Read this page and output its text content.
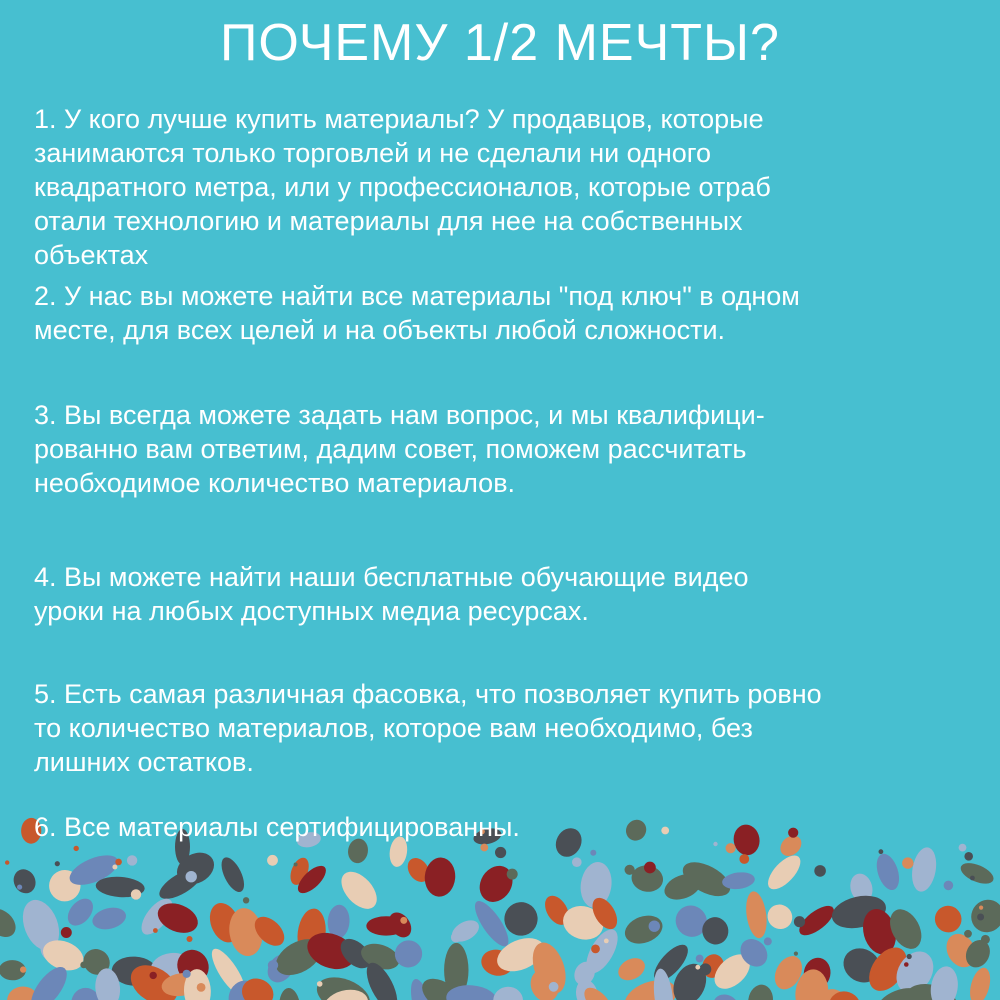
ПОЧЕМУ 1/2 МЕЧТЫ?

1. У кого лучше купить материалы? У продавцов, которые
занимаются только торговлей и не сделали ни одного
квадратного метра, или у профессионалов, которые отраб
отали технологию и материалы для нее на собственных
объектах

2. У нас вы можете найти все материалы "под ключ" в одном
месте, для всех целей и на объекты любой сложности.

3. Вы всегда можете задать нам вопрос, и мы квалифици-
рованно вам ответим, дадим совет, поможем рассчитать
необходимое количество материалов.

4. Вы можете найти наши бесплатные обучающие видео
уроки на любых доступных медиа ресурсах.

5. Есть самая различная фасовка, что позволяет купить ровно
то количество материалов, которое вам необходимо, без
лишних остатков.

6. Все материалы сертифицированны.
